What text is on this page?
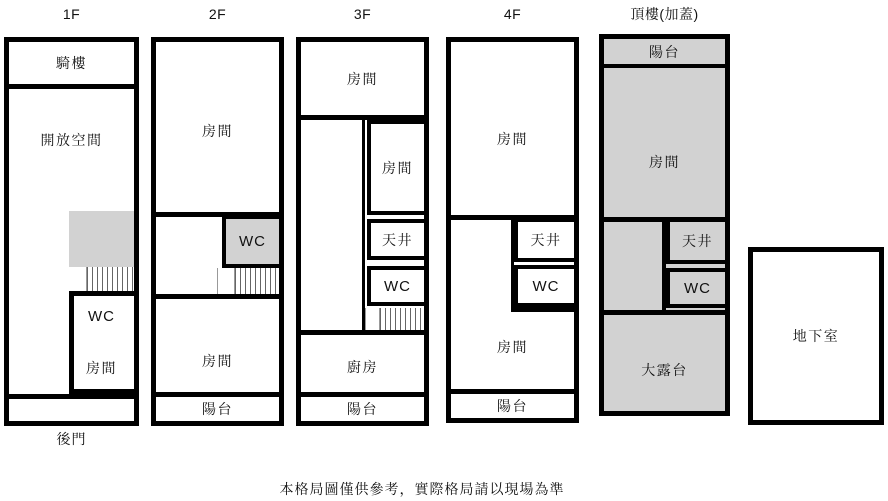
1F	2F	3F	4F	頂樓(加蓋)
騎樓
開放空間
WC
房間
後門
房間
WC
房間
陽台
房間
房間
天井
WC
廚房
陽台
房間
天井
WC
房間
陽台
陽台
房間
天井
WC
大露台
地下室
本格局圖僅供參考，實際格局請以現場為準
